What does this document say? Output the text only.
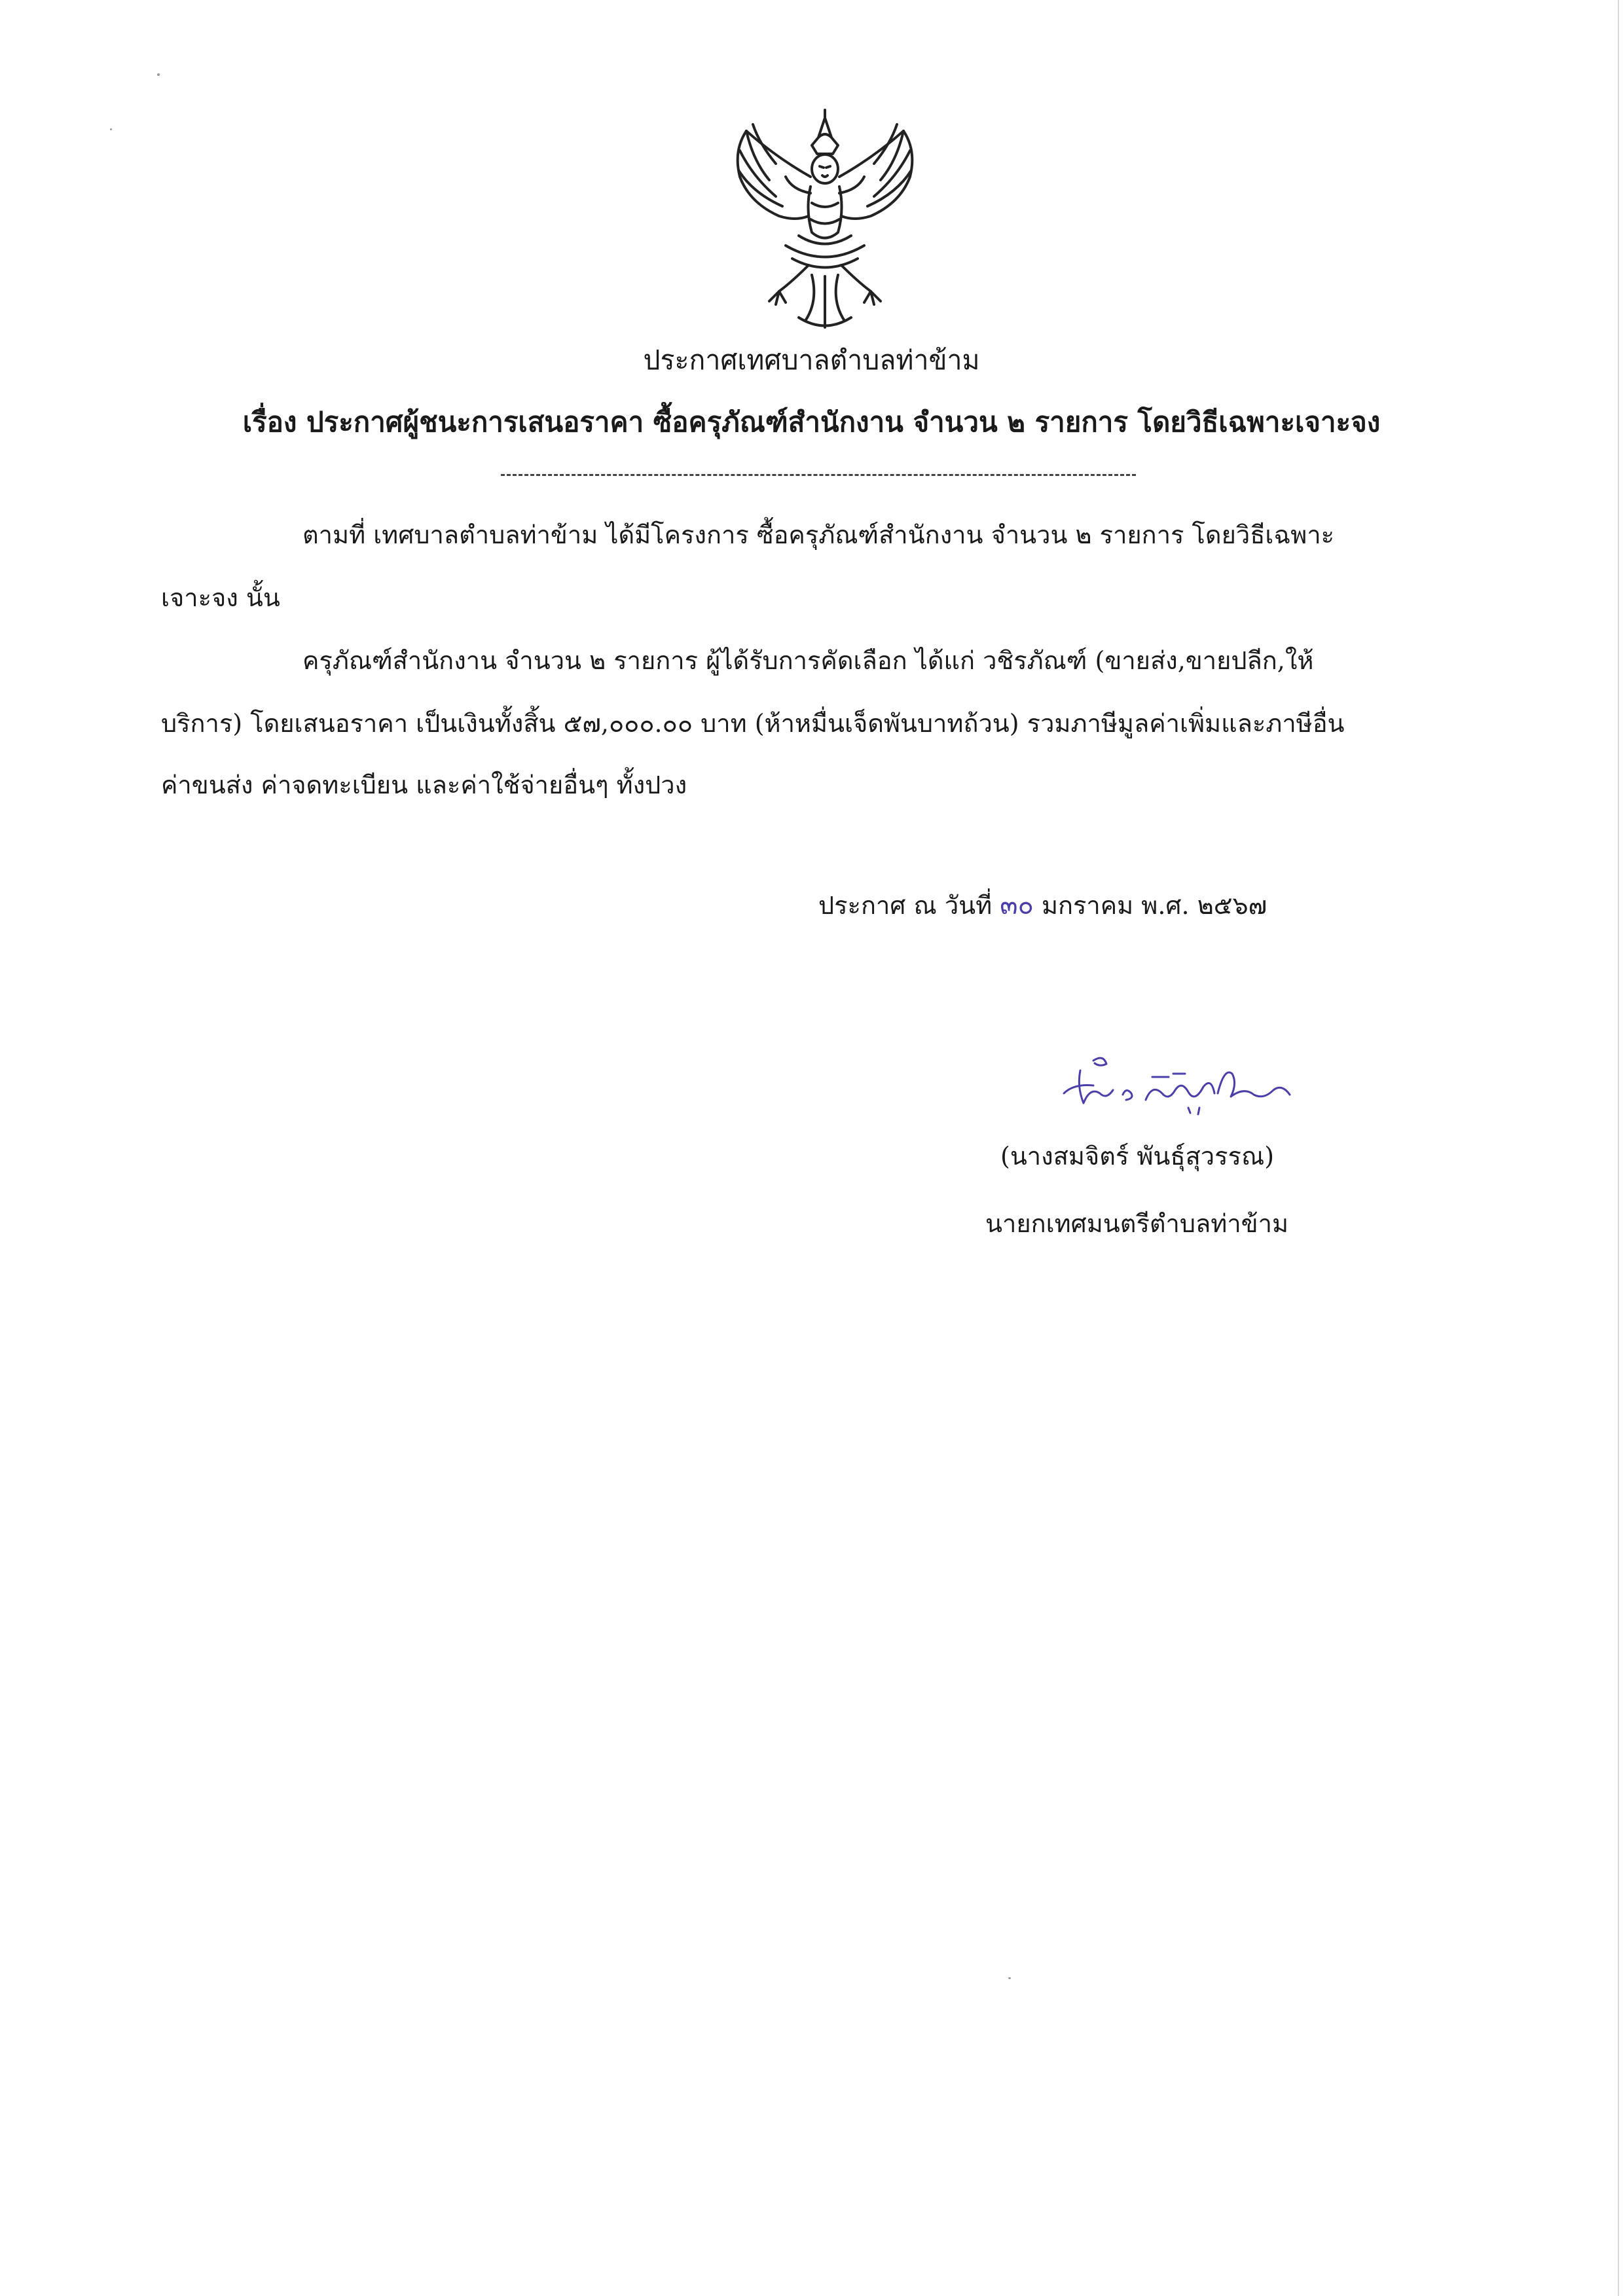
ประกาศเทศบาลตำบลท่าข้าม
เรื่อง ประกาศผู้ชนะการเสนอราคา ซื้อครุภัณฑ์สำนักงาน จำนวน ๒ รายการ โดยวิธีเฉพาะเจาะจง
ตามที่ เทศบาลตำบลท่าข้าม ได้มีโครงการ ซื้อครุภัณฑ์สำนักงาน จำนวน ๒ รายการ โดยวิธีเฉพาะ
เจาะจง นั้น
ครุภัณฑ์สำนักงาน จำนวน ๒ รายการ ผู้ได้รับการคัดเลือก ได้แก่ วชิรภัณฑ์ (ขายส่ง,ขายปลีก,ให้
บริการ) โดยเสนอราคา เป็นเงินทั้งสิ้น ๕๗,๐๐๐.๐๐ บาท (ห้าหมื่นเจ็ดพันบาทถ้วน) รวมภาษีมูลค่าเพิ่มและภาษีอื่น
ค่าขนส่ง ค่าจดทะเบียน และค่าใช้จ่ายอื่นๆ ทั้งปวง
ประกาศ ณ วันที่ ๓๐ มกราคม พ.ศ. ๒๕๖๗
(นางสมจิตร์ พันธุ์สุวรรณ)
นายกเทศมนตรีตำบลท่าข้าม
